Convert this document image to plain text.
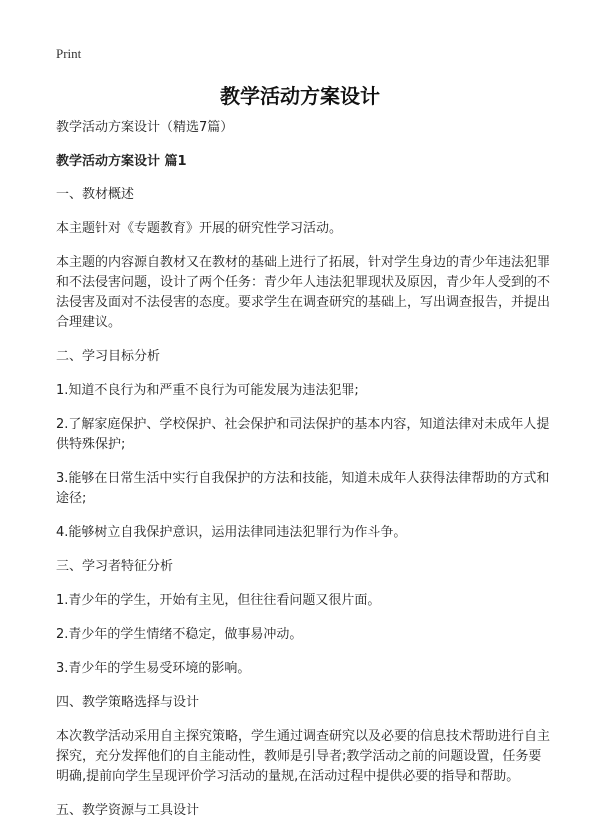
Print
教学活动方案设计

教学活动方案设计（精选7篇）

教学活动方案设计 篇1

一、教材概述

本主题针对《专题教育》开展的研究性学习活动。

本主题的内容源自教材又在教材的基础上进行了拓展，针对学生身边的青少年违法犯罪和不法侵害问题，设计了两个任务：青少年人违法犯罪现状及原因，青少年人受到的不法侵害及面对不法侵害的态度。要求学生在调查研究的基础上，写出调查报告，并提出合理建议。

二、学习目标分析

1.知道不良行为和严重不良行为可能发展为违法犯罪;

2.了解家庭保护、学校保护、社会保护和司法保护的基本内容，知道法律对未成年人提供特殊保护;

3.能够在日常生活中实行自我保护的方法和技能，知道未成年人获得法律帮助的方式和途径;

4.能够树立自我保护意识，运用法律同违法犯罪行为作斗争。

三、学习者特征分析

1.青少年的学生，开始有主见，但往往看问题又很片面。

2.青少年的学生情绪不稳定，做事易冲动。

3.青少年的学生易受环境的影响。

四、教学策略选择与设计

本次教学活动采用自主探究策略，学生通过调查研究以及必要的信息技术帮助进行自主探究，充分发挥他们的自主能动性，教师是引导者;教学活动之前的问题设置，任务要明确,提前向学生呈现评价学习活动的量规,在活动过程中提供必要的指导和帮助。

五、教学资源与工具设计
